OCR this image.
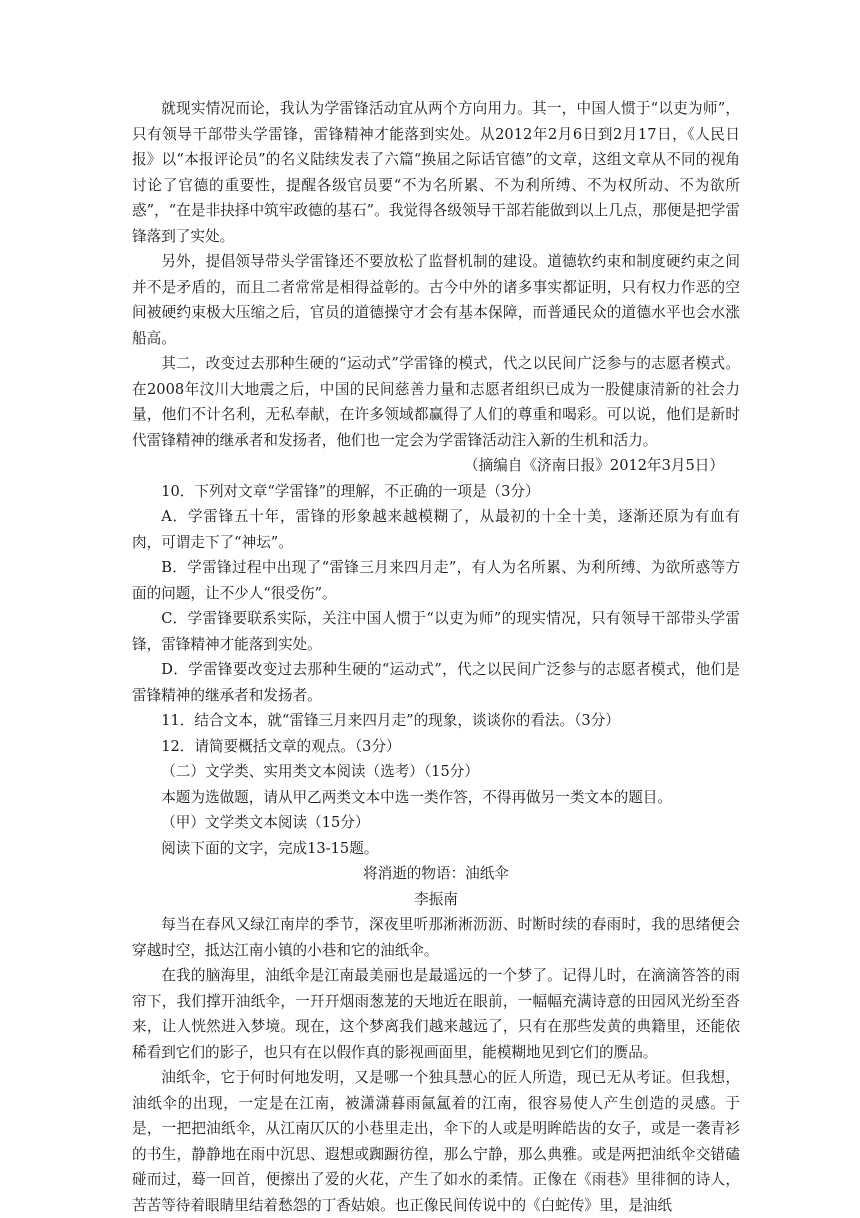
就现实情况而论，我认为学雷锋活动宜从两个方向用力。其一，中国人惯于“以吏为师”，只有领导干部带头学雷锋，雷锋精神才能落到实处。从2012年2月6日到2月17日，《人民日报》以“本报评论员”的名义陆续发表了六篇“换届之际话官德”的文章，这组文章从不同的视角讨论了官德的重要性，提醒各级官员要“不为名所累、不为利所缚、不为权所动、不为欲所惑”，“在是非抉择中筑牢政德的基石”。我觉得各级领导干部若能做到以上几点，那便是把学雷锋落到了实处。

另外，提倡领导带头学雷锋还不要放松了监督机制的建设。道德软约束和制度硬约束之间并不是矛盾的，而且二者常常是相得益彰的。古今中外的诸多事实都证明，只有权力作恶的空间被硬约束极大压缩之后，官员的道德操守才会有基本保障，而普通民众的道德水平也会水涨船高。

其二，改变过去那种生硬的“运动式”学雷锋的模式，代之以民间广泛参与的志愿者模式。在2008年汶川大地震之后，中国的民间慈善力量和志愿者组织已成为一股健康清新的社会力量，他们不计名利，无私奉献，在许多领域都赢得了人们的尊重和喝彩。可以说，他们是新时代雷锋精神的继承者和发扬者，他们也一定会为学雷锋活动注入新的生机和活力。

（摘编自《济南日报》2012年3月5日）

10．下列对文章“学雷锋”的理解，不正确的一项是（3分）

A．学雷锋五十年，雷锋的形象越来越模糊了，从最初的十全十美，逐渐还原为有血有肉，可谓走下了“神坛”。

B．学雷锋过程中出现了“雷锋三月来四月走”，有人为名所累、为利所缚、为欲所惑等方面的问题，让不少人“很受伤”。

C．学雷锋要联系实际，关注中国人惯于“以吏为师”的现实情况，只有领导干部带头学雷锋，雷锋精神才能落到实处。

D．学雷锋要改变过去那种生硬的“运动式”，代之以民间广泛参与的志愿者模式，他们是雷锋精神的继承者和发扬者。

11．结合文本，就“雷锋三月来四月走”的现象，谈谈你的看法。（3分）

12．请简要概括文章的观点。（3分）

（二）文学类、实用类文本阅读（选考）（15分）

本题为选做题，请从甲乙两类文本中选一类作答，不得再做另一类文本的题目。

（甲）文学类文本阅读（15分）

阅读下面的文字，完成13-15题。

将消逝的物语：油纸伞

李振南

每当在春风又绿江南岸的季节，深夜里听那淅淅沥沥、时断时续的春雨时，我的思绪便会穿越时空，抵达江南小镇的小巷和它的油纸伞。

在我的脑海里，油纸伞是江南最美丽也是最遥远的一个梦了。记得儿时，在滴滴答答的雨帘下，我们撑开油纸伞，一幵幵烟雨葱茏的天地近在眼前，一幅幅充满诗意的田园风光纷至沓来，让人恍然进入梦境。现在，这个梦离我们越来越远了，只有在那些发黄的典籍里，还能依稀看到它们的影子，也只有在以假作真的影视画面里，能模糊地见到它们的赝品。

油纸伞，它于何时何地发明，又是哪一个独具慧心的匠人所造，现已无从考证。但我想，油纸伞的出现，一定是在江南，被潇潇暮雨氤氲着的江南，很容易使人产生创造的灵感。于是，一把把油纸伞，从江南仄仄的小巷里走出，伞下的人或是明眸皓齿的女子，或是一袭青衫的书生，静静地在雨中沉思、遐想或踟蹰彷徨，那么宁静，那么典雅。或是两把油纸伞交错磕碰而过，蓦一回首，便擦出了爱的火花，产生了如水的柔情。正像在《雨巷》里徘徊的诗人，苦苦等待着眼睛里结着愁怨的丁香姑娘。也正像民间传说中的《白蛇传》里，是油纸
